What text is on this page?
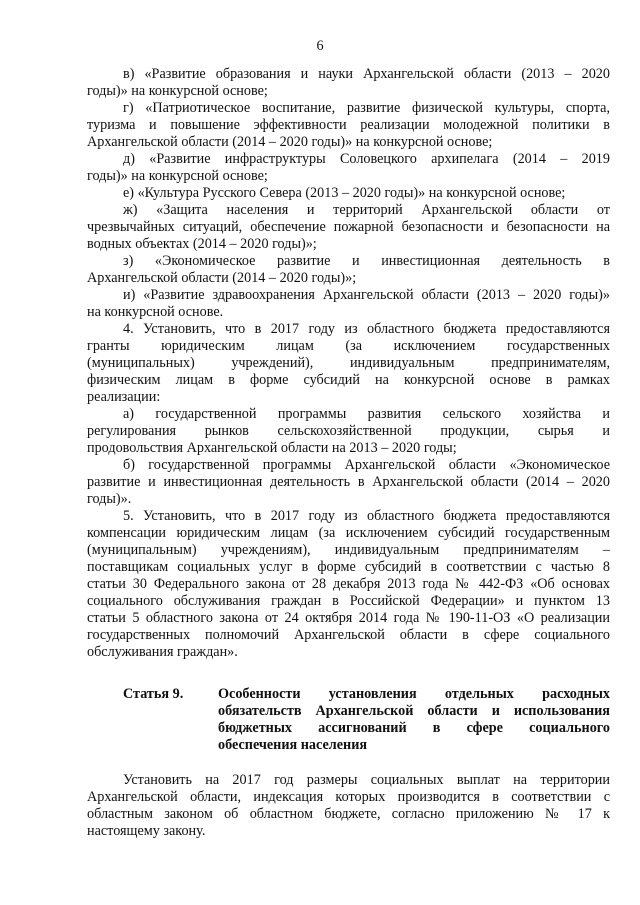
6
в) «Развитие образования и науки Архангельской области (2013 – 2020
годы)» на конкурсной основе;
г) «Патриотическое воспитание, развитие физической культуры, спорта,
туризма и повышение эффективности реализации молодежной политики в
Архангельской области (2014 – 2020 годы)» на конкурсной основе;
д) «Развитие инфраструктуры Соловецкого архипелага (2014 – 2019
годы)» на конкурсной основе;
е) «Культура Русского Севера (2013 – 2020 годы)» на конкурсной основе;
ж) «Защита населения и территорий Архангельской области от
чрезвычайных ситуаций, обеспечение пожарной безопасности и безопасности на
водных объектах (2014 – 2020 годы)»;
з) «Экономическое развитие и инвестиционная деятельность в
Архангельской области (2014 – 2020 годы)»;
и) «Развитие здравоохранения Архангельской области (2013 – 2020 годы)»
на конкурсной основе.
4. Установить, что в 2017 году из областного бюджета предоставляются
гранты юридическим лицам (за исключением государственных
(муниципальных) учреждений), индивидуальным предпринимателям,
физическим лицам в форме субсидий на конкурсной основе в рамках
реализации:
а) государственной программы развития сельского хозяйства и
регулирования рынков сельскохозяйственной продукции, сырья и
продовольствия Архангельской области на 2013 – 2020 годы;
б) государственной программы Архангельской области «Экономическое
развитие и инвестиционная деятельность в Архангельской области (2014 – 2020
годы)».
5. Установить, что в 2017 году из областного бюджета предоставляются
компенсации юридическим лицам (за исключением субсидий государственным
(муниципальным) учреждениям), индивидуальным предпринимателям –
поставщикам социальных услуг в форме субсидий в соответствии с частью 8
статьи 30 Федерального закона от 28 декабря 2013 года № 442-ФЗ «Об основах
социального обслуживания граждан в Российской Федерации» и пунктом 13
статьи 5 областного закона от 24 октября 2014 года № 190-11-ОЗ «О реализации
государственных полномочий Архангельской области в сфере социального
обслуживания граждан».
Статья 9. Особенности установления отдельных расходных
обязательств Архангельской области и использования
бюджетных ассигнований в сфере социального
обеспечения населения
Установить на 2017 год размеры социальных выплат на территории
Архангельской области, индексация которых производится в соответствии с
областным законом об областном бюджете, согласно приложению № 17 к
настоящему закону.
